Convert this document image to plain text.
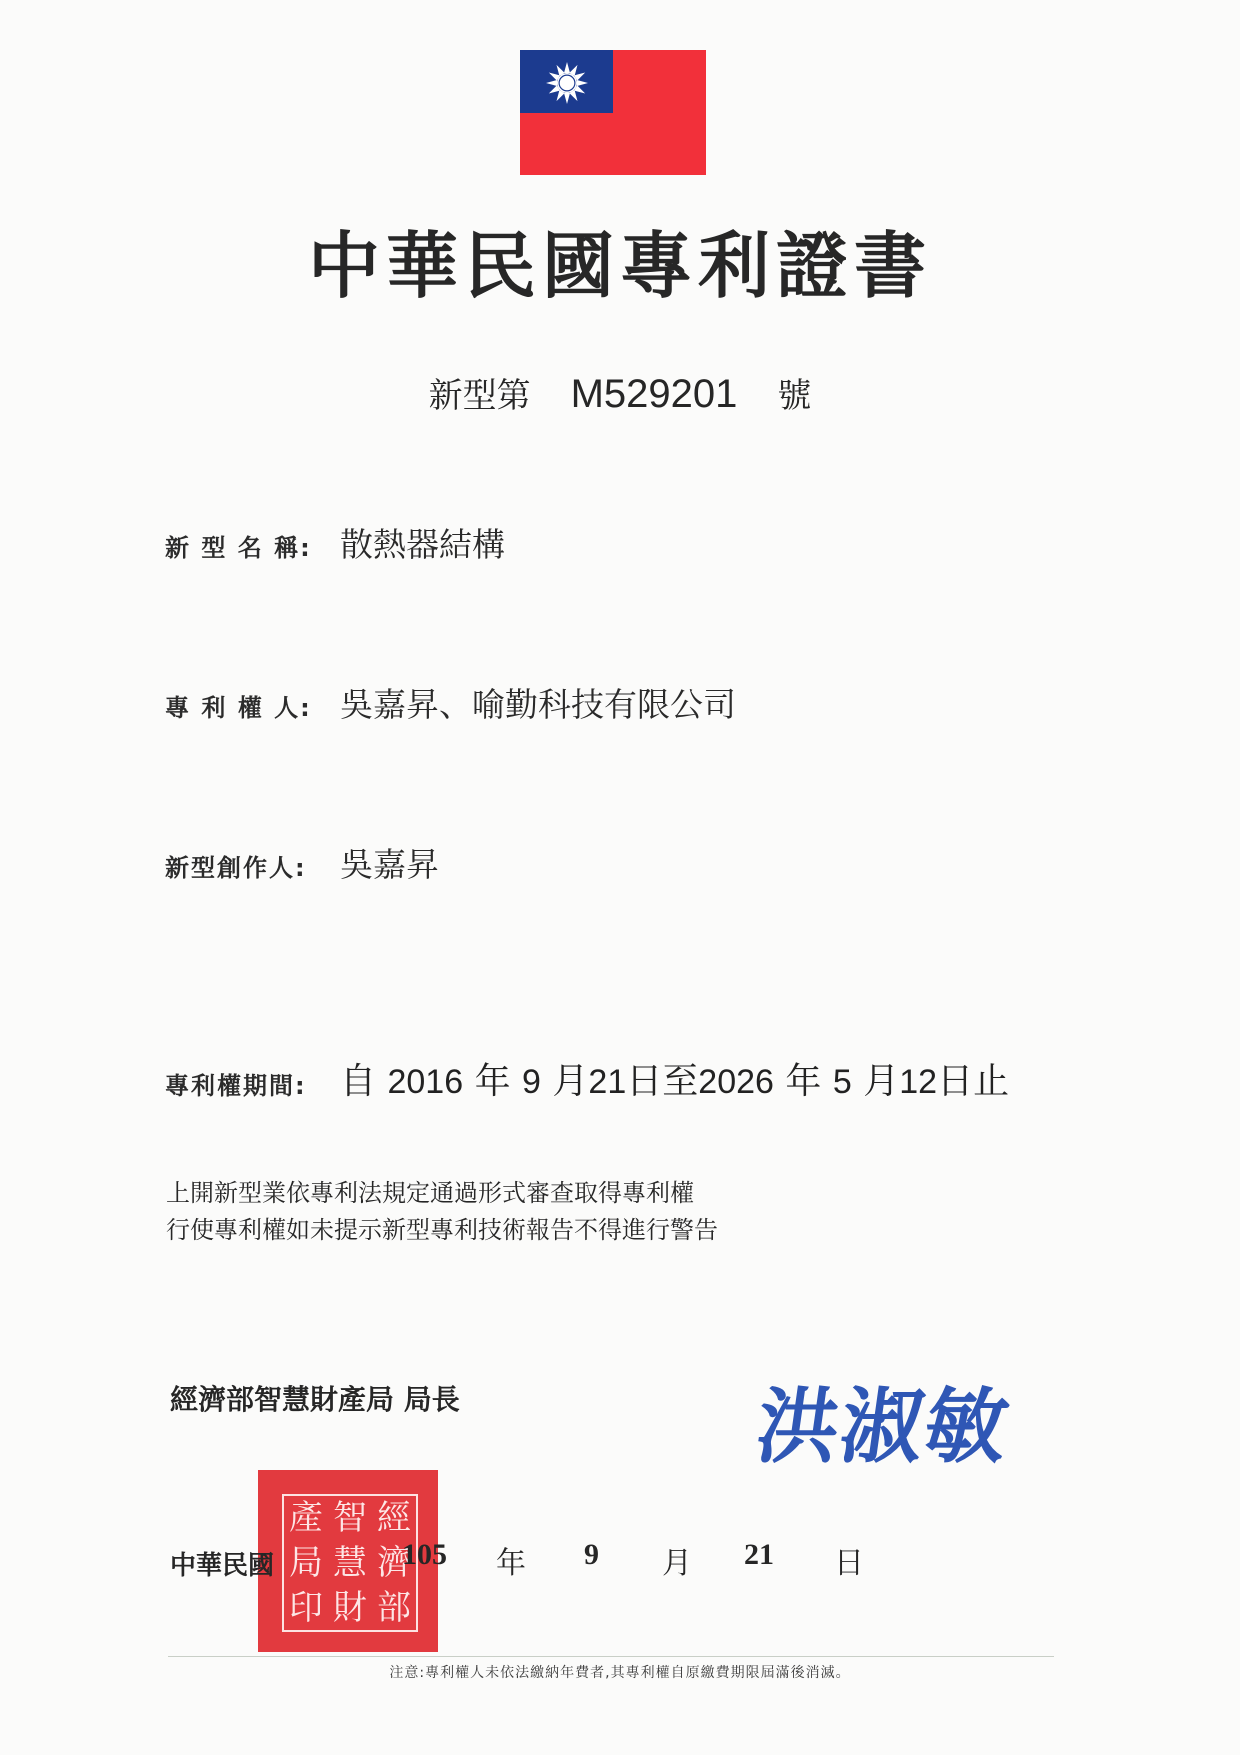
中華民國專利證書
新型第 M529201 號
新 型 名 稱: 散熱器結構
專 利 權 人: 吳嘉昇、喻勤科技有限公司
新型創作人: 吳嘉昇
專利權期間: 自 2016 年 9 月21日至2026 年 5 月12日止
上開新型業依專利法規定通過形式審查取得專利權
行使專利權如未提示新型專利技術報告不得進行警告
經濟部智慧財產局 局長	洪淑敏
經
濟
部
智
慧
財
產
局
印
中華民國	105 年 9 月 21 日
注意:專利權人未依法繳納年費者,其專利權自原繳費期限屆滿後消滅。
